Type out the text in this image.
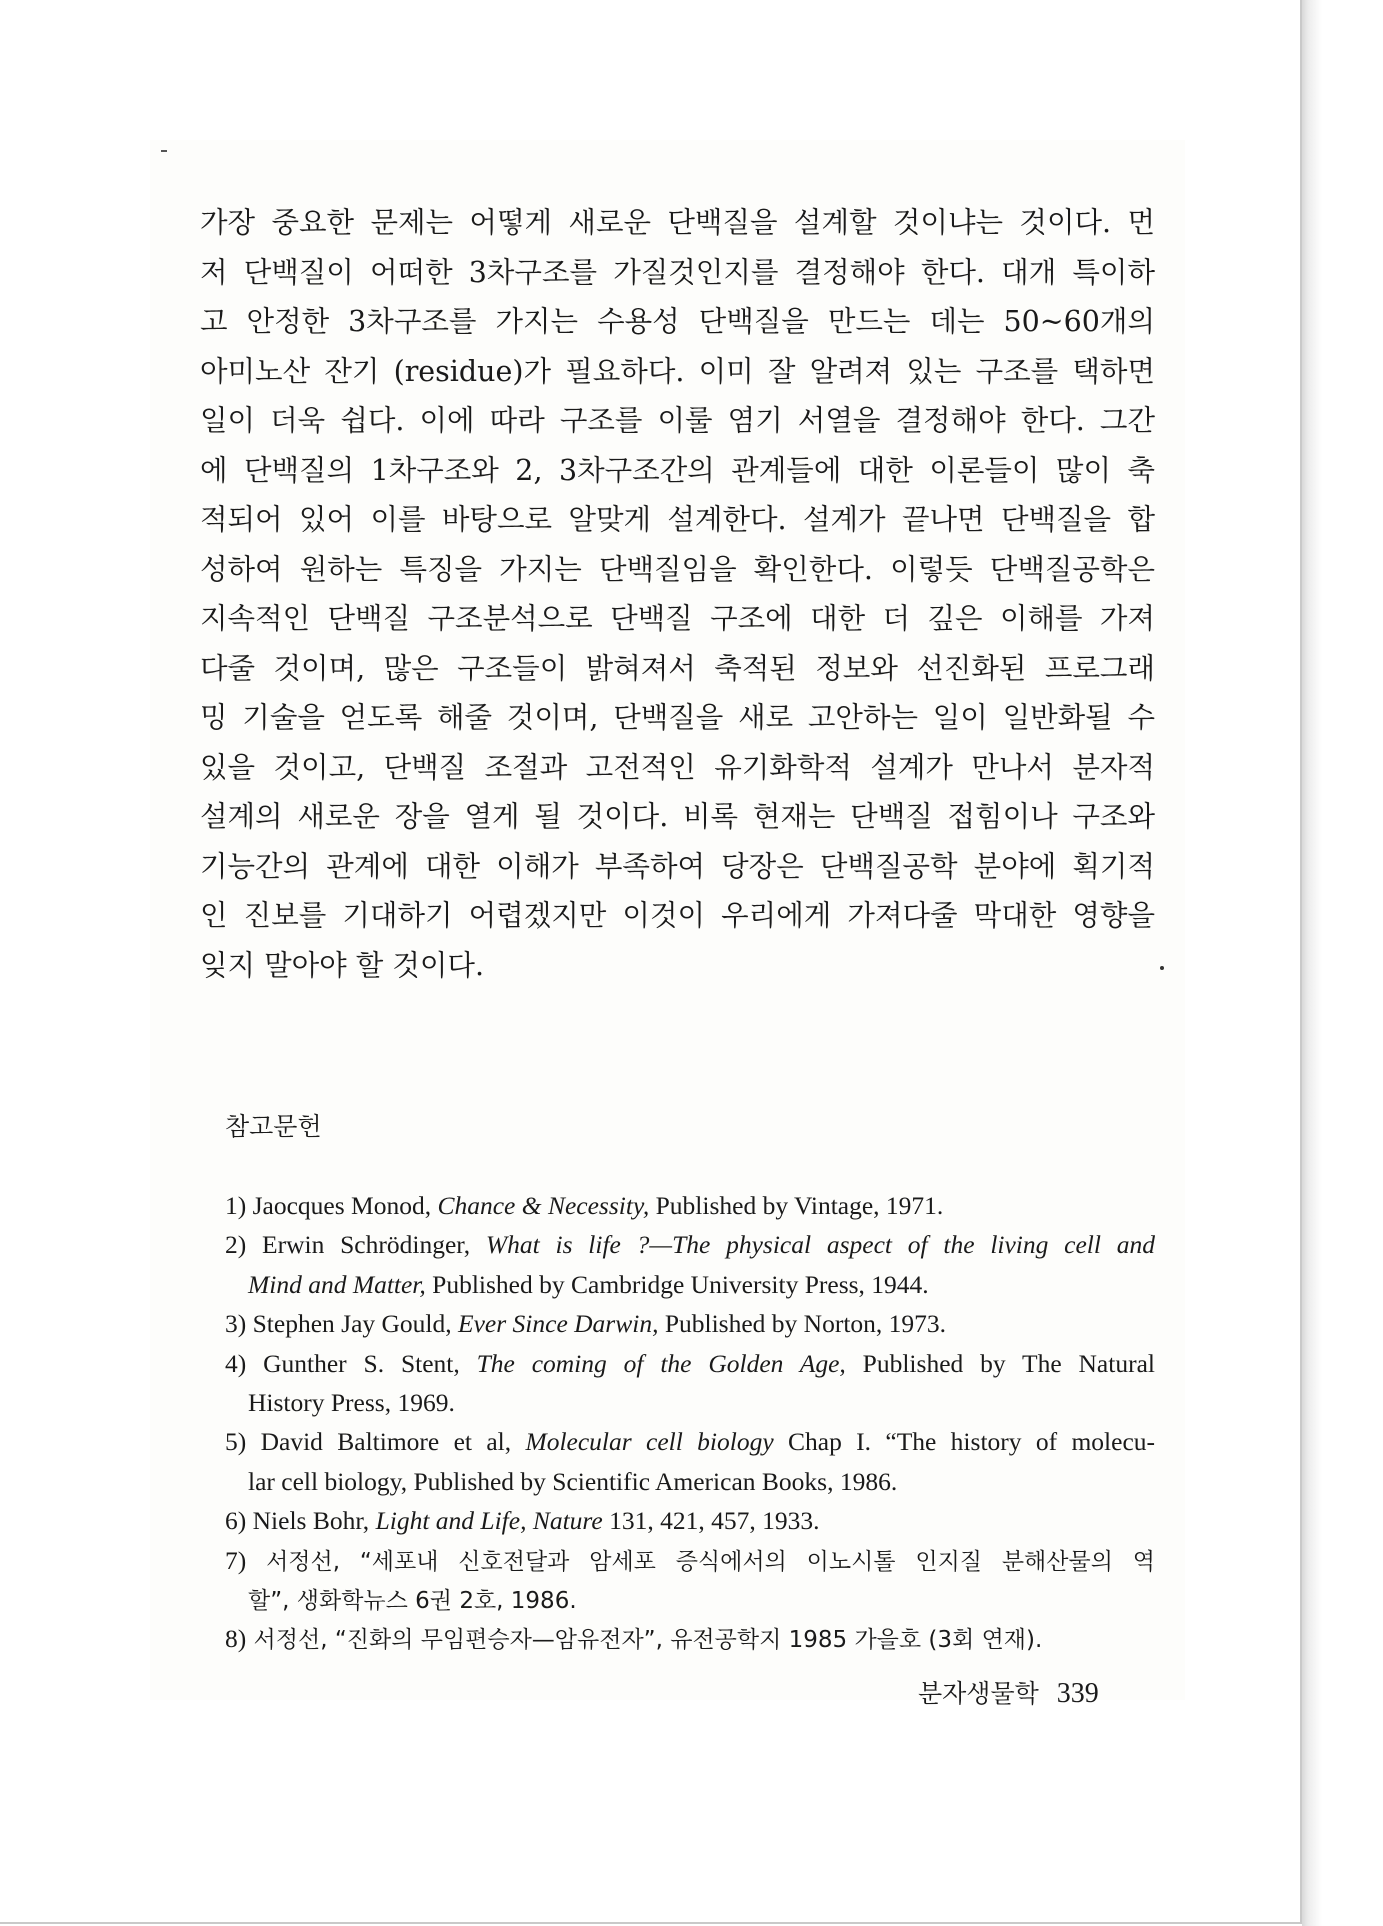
가장 중요한 문제는 어떻게 새로운 단백질을 설계할 것이냐는 것이다. 먼
저 단백질이 어떠한 3차구조를 가질것인지를 결정해야 한다. 대개 특이하
고 안정한 3차구조를 가지는 수용성 단백질을 만드는 데는 50~60개의
아미노산 잔기 (residue)가 필요하다. 이미 잘 알려져 있는 구조를 택하면
일이 더욱 쉽다. 이에 따라 구조를 이룰 염기 서열을 결정해야 한다. 그간
에 단백질의 1차구조와 2, 3차구조간의 관계들에 대한 이론들이 많이 축
적되어 있어 이를 바탕으로 알맞게 설계한다. 설계가 끝나면 단백질을 합
성하여 원하는 특징을 가지는 단백질임을 확인한다. 이렇듯 단백질공학은
지속적인 단백질 구조분석으로 단백질 구조에 대한 더 깊은 이해를 가져
다줄 것이며, 많은 구조들이 밝혀져서 축적된 정보와 선진화된 프로그래
밍 기술을 얻도록 해줄 것이며, 단백질을 새로 고안하는 일이 일반화될 수
있을 것이고, 단백질 조절과 고전적인 유기화학적 설계가 만나서 분자적
설계의 새로운 장을 열게 될 것이다. 비록 현재는 단백질 접힘이나 구조와
기능간의 관계에 대한 이해가 부족하여 당장은 단백질공학 분야에 획기적
인 진보를 기대하기 어렵겠지만 이것이 우리에게 가져다줄 막대한 영향을
잊지 말아야 할 것이다.
참고문헌
1) Jaocques Monod, Chance & Necessity, Published by Vintage, 1971.
2) Erwin Schrödinger, What is life ?—The physical aspect of the living cell and
Mind and Matter, Published by Cambridge University Press, 1944.
3) Stephen Jay Gould, Ever Since Darwin, Published by Norton, 1973.
4) Gunther S. Stent, The coming of the Golden Age, Published by The Natural
History Press, 1969.
5) David Baltimore et al, Molecular cell biology Chap I. “The history of molecu-
lar cell biology, Published by Scientific American Books, 1986.
6) Niels Bohr, Light and Life, Nature 131, 421, 457, 1933.
7) 서정선, “세포내 신호전달과 암세포 증식에서의 이노시톨 인지질 분해산물의 역
할”, 생화학뉴스 6권 2호, 1986.
8) 서정선, “진화의 무임편승자—암유전자”, 유전공학지 1985 가을호 (3회 연재).
분자생물학 339
